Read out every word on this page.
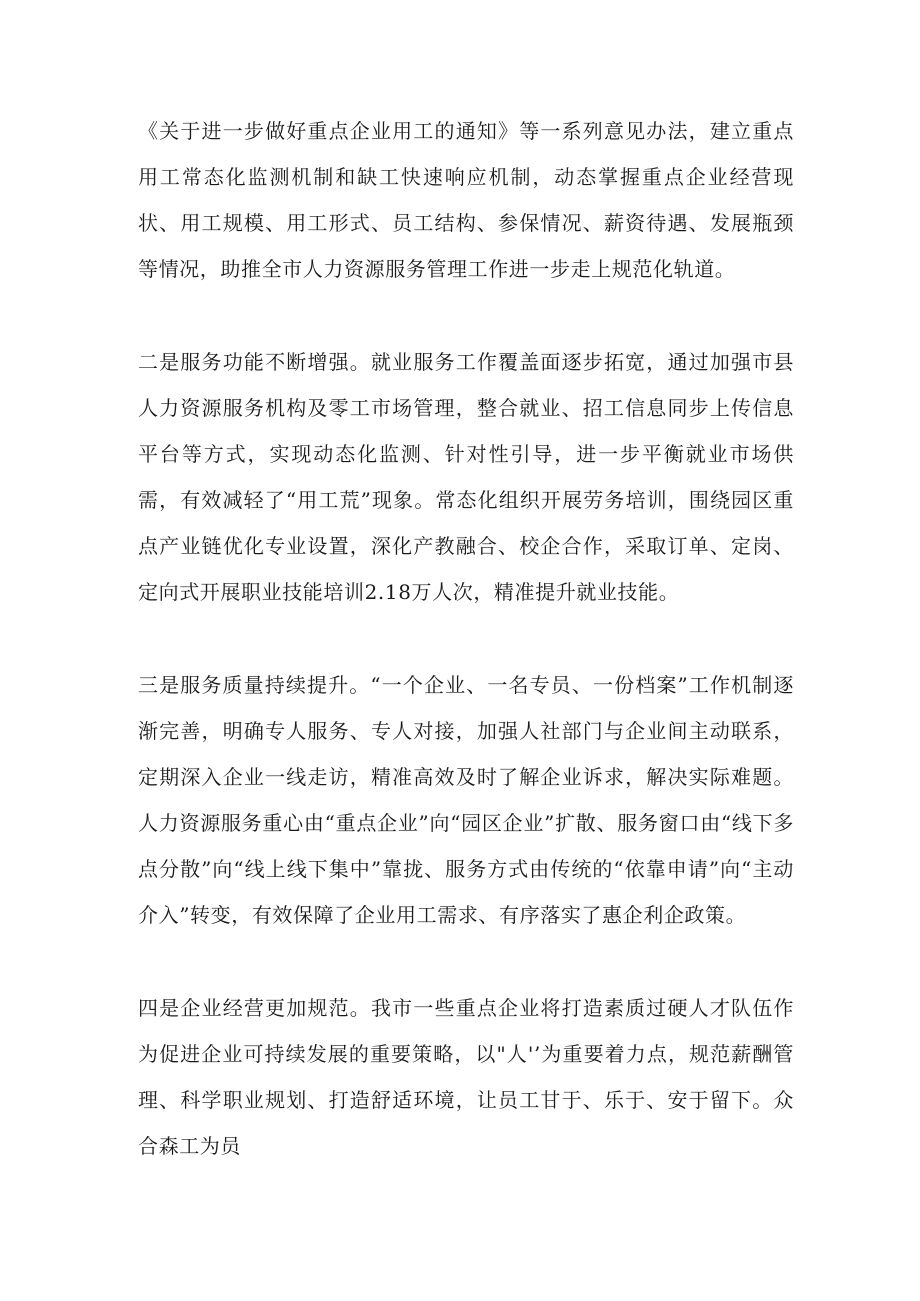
《关于进一步做好重点企业用工的通知》等一系列意见办法，建立重点用工常态化监测机制和缺工快速响应机制，动态掌握重点企业经营现状、用工规模、用工形式、员工结构、参保情况、薪资待遇、发展瓶颈等情况，助推全市人力资源服务管理工作进一步走上规范化轨道。

二是服务功能不断增强。就业服务工作覆盖面逐步拓宽，通过加强市县人力资源服务机构及零工市场管理，整合就业、招工信息同步上传信息平台等方式，实现动态化监测、针对性引导，进一步平衡就业市场供需，有效减轻了“用工荒”现象。常态化组织开展劳务培训，围绕园区重点产业链优化专业设置，深化产教融合、校企合作，采取订单、定岗、定向式开展职业技能培训2.18万人次，精准提升就业技能。

三是服务质量持续提升。“一个企业、一名专员、一份档案”工作机制逐渐完善，明确专人服务、专人对接，加强人社部门与企业间主动联系，定期深入企业一线走访，精准高效及时了解企业诉求，解决实际难题。人力资源服务重心由“重点企业”向“园区企业”扩散、服务窗口由“线下多点分散”向“线上线下集中”靠拢、服务方式由传统的“依靠申请”向“主动介入”转变，有效保障了企业用工需求、有序落实了惠企利企政策。

四是企业经营更加规范。我市一些重点企业将打造素质过硬人才队伍作为促进企业可持续发展的重要策略，以"人'’为重要着力点，规范薪酬管理、科学职业规划、打造舒适环境，让员工甘于、乐于、安于留下。众合森工为员
